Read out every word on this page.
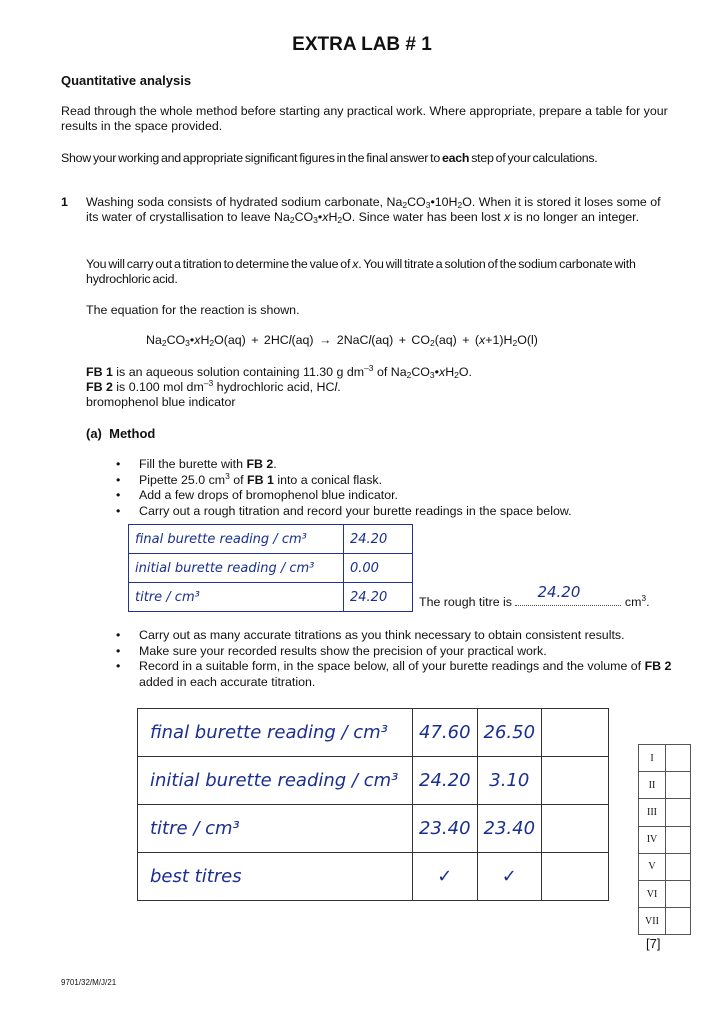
EXTRA LAB # 1
Quantitative analysis
Read through the whole method before starting any practical work. Where appropriate, prepare a table for your results in the space provided.
Show your working and appropriate significant figures in the final answer to each step of your calculations.
1 Washing soda consists of hydrated sodium carbonate, $Na_2CO_3•10H_2O$. When it is stored it loses some of its water of crystallisation to leave $Na_2CO_3•xH_2O$. Since water has been lost x is no longer an integer.
You will carry out a titration to determine the value of x. You will titrate a solution of the sodium carbonate with hydrochloric acid.
The equation for the reaction is shown.
$Na_2CO_3•xH_2O(aq) + 2HCl(aq)$ → 2NaCl(aq) + $CO_2(aq) + (x+1)H_2O(l)$
FB 1 is an aqueous solution containing 11.30 g $dm^{-3}$ of $Na_2CO_3•xH_2O$.
FB 2 is 0.100 mol $dm^{-3}$ hydrochloric acid, HCl.
bromophenol blue indicator
(a) Method
• Fill the burette with FB 2.
• Pipette 25.0 $cm^3$ of FB 1 into a conical flask.
• Add a few drops of bromophenol blue indicator.
• Carry out a rough titration and record your burette readings in the space below.
final burette reading / cm³	24.20
initial burette reading / cm³	0.00
titre / cm³	24.20	The rough titre is
24.20
$cm^3$.
• Carry out as many accurate titrations as you think necessary to obtain consistent results.
• Make sure your recorded results show the precision of your practical work.
• Record in a suitable form, in the space below, all of your burette readings and the volume of FB 2 added in each accurate titration.
final burette reading / cm³	47.60	26.50	
initial burette reading / cm³	24.20	3.10	
titre / cm³	23.40	23.40	
best titres	✓	✓	
I	
II	
III	
IV	
V	
VI	
VII	
[7]
9701/32/M/J/21
